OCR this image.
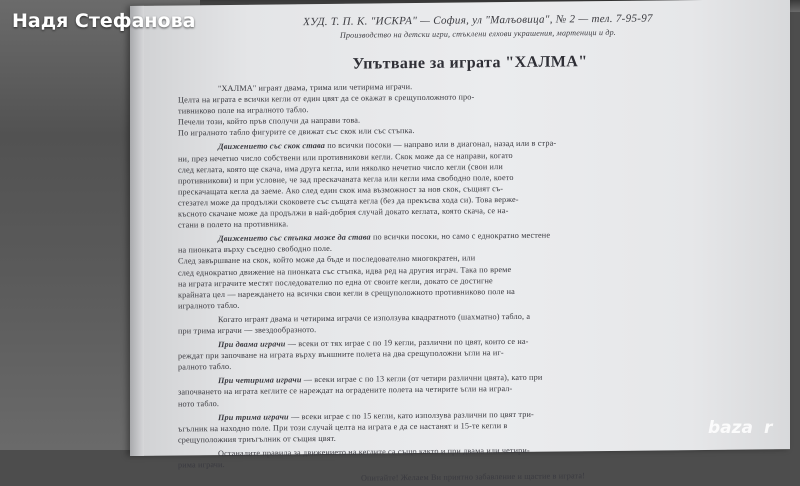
ХУД. Т. П. К. "ИСКРА" — София, ул "Малъовица", № 2 — тел. 7-95-97
Производство на детски игри, стъклени елхови украшения, мартеници и др.
Упътване за играта "ХАЛМА"
"ХАЛМА" играят двама, трима или четирима играчи.
Целта на играта е всички кегли от един цвят да се окажат в срещуположното про-
тивниково поле на игралното табло.
Печели този, който пръв сполучи да направи това.
По игралното табло фигурите се движат със скок или със стъпка.
Движението със скок става по всички посоки — направо или в диагонал, назад или в стра-
ни, през нечетно число собствени или противникови кегли. Скок може да се направи, когато
след кеглата, която ще скача, има друга кегла, или няколко нечетно число кегли (свои или
противникови) и при условие, че зад прескачаната кегла или кегли има свободно поле, което
прескачащата кегла да заеме. Ако след един скок има възможност за нов скок, същият съ-
стезател може да продължи скоковете със същата кегла (без да прекъсва хода си). Това верже-
късното скачане може да продължи в най-добрия случай докато кеглата, която скача, се на-
стани в полето на противника.
Движението със стъпка може да става по всички посоки, но само с еднократно местене
на пионката върху съседно свободно поле.
След завършване на скок, който може да бъде и последователно многократен, или
след еднократно движение на пионката със стъпка, идва ред на другия играч. Така по време
на играта играчите местят последователно по една от своите кегли, докато се достигне
крайната цел — нареждането на всички свои кегли в срещуположното противниково поле на
игралното табло.
Когато играят двама и четирима играчи се използува квадратното (шахматно) табло, а
при трима играчи — звездообразното.
При двама играчи — всеки от тях играе с по 19 кегли, различни по цвят, които се на-
реждат при започване на играта върху външните полета на два срещуположни ъгли на иг-
ралното табло.
При четирима играчи — всеки играе с по 13 кегли (от четири различни цвята), като при
започването на играта кеглите се нареждат на оградените полета на четирите ъгли на играл-
ното табло.
При трима играчи — всеки играе с по 15 кегли, като използува различни по цвят три-
ъгълник на находно поле. При този случай целта на играта е да се настанят и 15-те кегли в
срещуположния триъгълник от същия цвят.
Останалите правила за движението на кеглите са също както и при двама или четири-
рима играчи.
Опитайте! Желаем Ви приятно забавление и щастие в играта!
Надя Стефанова
baza r
